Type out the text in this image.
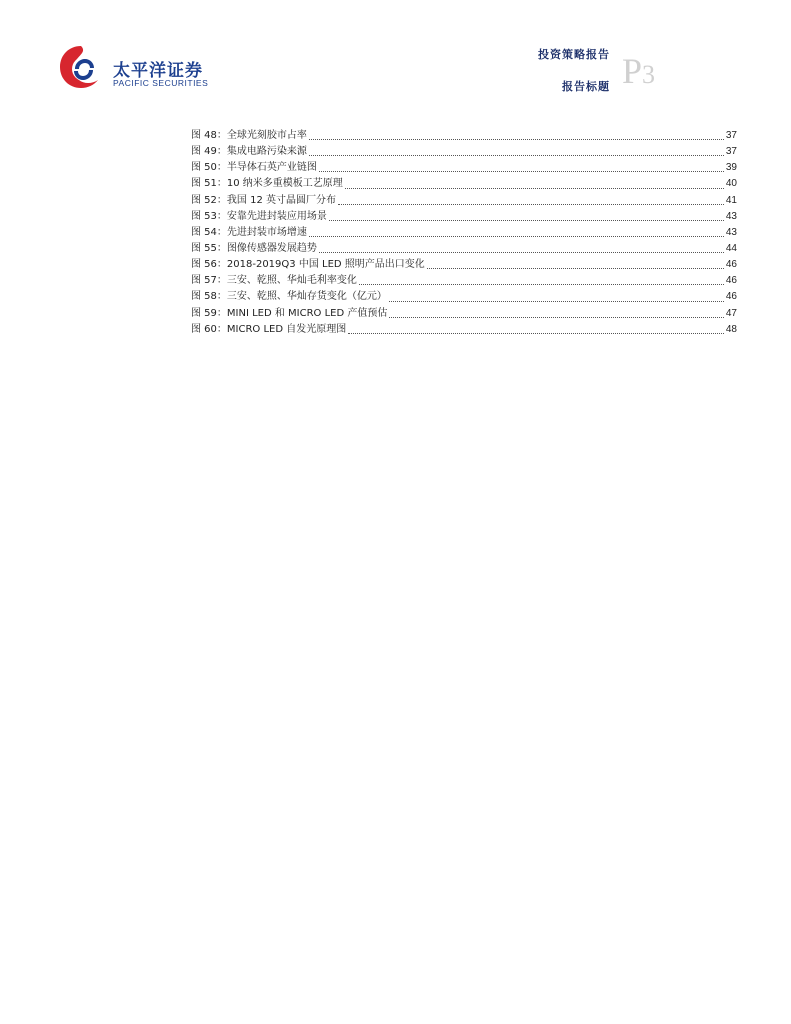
太平洋证券
PACIFIC SECURITIES
投资策略报告
报告标题 P3
图 48：全球光刻胶市占率	37
图 49：集成电路污染来源	37
图 50：半导体石英产业链图	39
图 51：10 纳米多重模板工艺原理	40
图 52：我国 12 英寸晶圆厂分布	41
图 53：安靠先进封装应用场景	43
图 54：先进封装市场增速	43
图 55：图像传感器发展趋势	44
图 56：2018-2019Q3 中国 LED 照明产品出口变化	46
图 57：三安、乾照、华灿毛利率变化	46
图 58：三安、乾照、华灿存货变化（亿元）	46
图 59：MINI LED 和 MICRO LED 产值预估	47
图 60：MICRO LED 自发光原理图	48
